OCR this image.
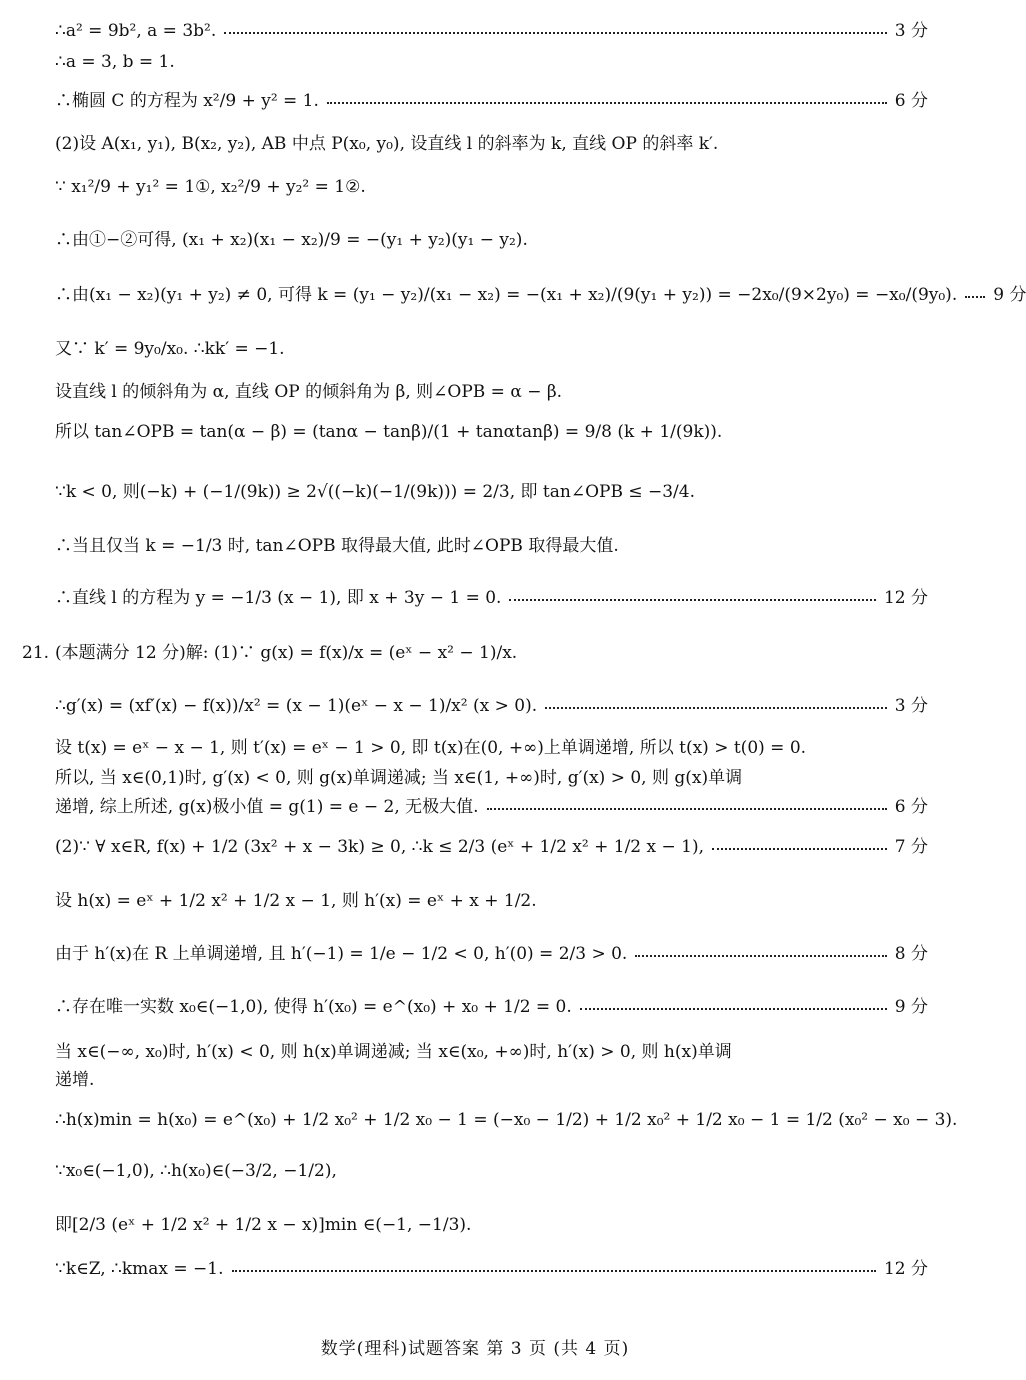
∴a² = 9b², a = 3b².	3 分
∴a = 3, b = 1.
∴椭圆 C 的方程为 x²/9 + y² = 1.	6 分
(2)设 A(x₁, y₁), B(x₂, y₂), AB 中点 P(x₀, y₀), 设直线 l 的斜率为 k, 直线 OP 的斜率 k′.
∵ x₁²/9 + y₁² = 1①, x₂²/9 + y₂² = 1②.
∴由①−②可得, (x₁ + x₂)(x₁ − x₂)/9 = −(y₁ + y₂)(y₁ − y₂).
∴由(x₁ − x₂)(y₁ + y₂) ≠ 0, 可得 k = (y₁ − y₂)/(x₁ − x₂) = −(x₁ + x₂)/(9(y₁ + y₂)) = −2x₀/(9×2y₀) = −x₀/(9y₀). 9 分
又∵ k′ = 9y₀/x₀. ∴kk′ = −1.
设直线 l 的倾斜角为 α, 直线 OP 的倾斜角为 β, 则∠OPB = α − β.
所以 tan∠OPB = tan(α − β) = (tanα − tanβ)/(1 + tanαtanβ) = 9/8 (k + 1/(9k)).
∵k < 0, 则(−k) + (−1/(9k)) ≥ 2√((−k)(−1/(9k))) = 2/3, 即 tan∠OPB ≤ −3/4.
∴当且仅当 k = −1/3 时, tan∠OPB 取得最大值, 此时∠OPB 取得最大值.
∴直线 l 的方程为 y = −1/3 (x − 1), 即 x + 3y − 1 = 0.	12 分
21. (本题满分 12 分)解: (1)∵ g(x) = f(x)/x = (eˣ − x² − 1)/x.
∴g′(x) = (xf′(x) − f(x))/x² = (x − 1)(eˣ − x − 1)/x² (x > 0).	3 分
设 t(x) = eˣ − x − 1, 则 t′(x) = eˣ − 1 > 0, 即 t(x)在(0, +∞)上单调递增, 所以 t(x) > t(0) = 0.
所以, 当 x∈(0,1)时, g′(x) < 0, 则 g(x)单调递减; 当 x∈(1, +∞)时, g′(x) > 0, 则 g(x)单调
递增, 综上所述, g(x)极小值 = g(1) = e − 2, 无极大值.	6 分
(2)∵ ∀ x∈R, f(x) + 1/2 (3x² + x − 3k) ≥ 0, ∴k ≤ 2/3 (eˣ + 1/2 x² + 1/2 x − 1),	7 分
设 h(x) = eˣ + 1/2 x² + 1/2 x − 1, 则 h′(x) = eˣ + x + 1/2.
由于 h′(x)在 R 上单调递增, 且 h′(−1) = 1/e − 1/2 < 0, h′(0) = 2/3 > 0.	8 分
∴存在唯一实数 x₀∈(−1,0), 使得 h′(x₀) = e^(x₀) + x₀ + 1/2 = 0.	9 分
当 x∈(−∞, x₀)时, h′(x) < 0, 则 h(x)单调递减; 当 x∈(x₀, +∞)时, h′(x) > 0, 则 h(x)单调
递增.
∴h(x)min = h(x₀) = e^(x₀) + 1/2 x₀² + 1/2 x₀ − 1 = (−x₀ − 1/2) + 1/2 x₀² + 1/2 x₀ − 1 = 1/2 (x₀² − x₀ − 3).
∵x₀∈(−1,0), ∴h(x₀)∈(−3/2, −1/2),
即[2/3 (eˣ + 1/2 x² + 1/2 x − x)]min ∈(−1, −1/3).
∵k∈Z, ∴kmax = −1.	12 分
数学(理科)试题答案 第 3 页 (共 4 页)
